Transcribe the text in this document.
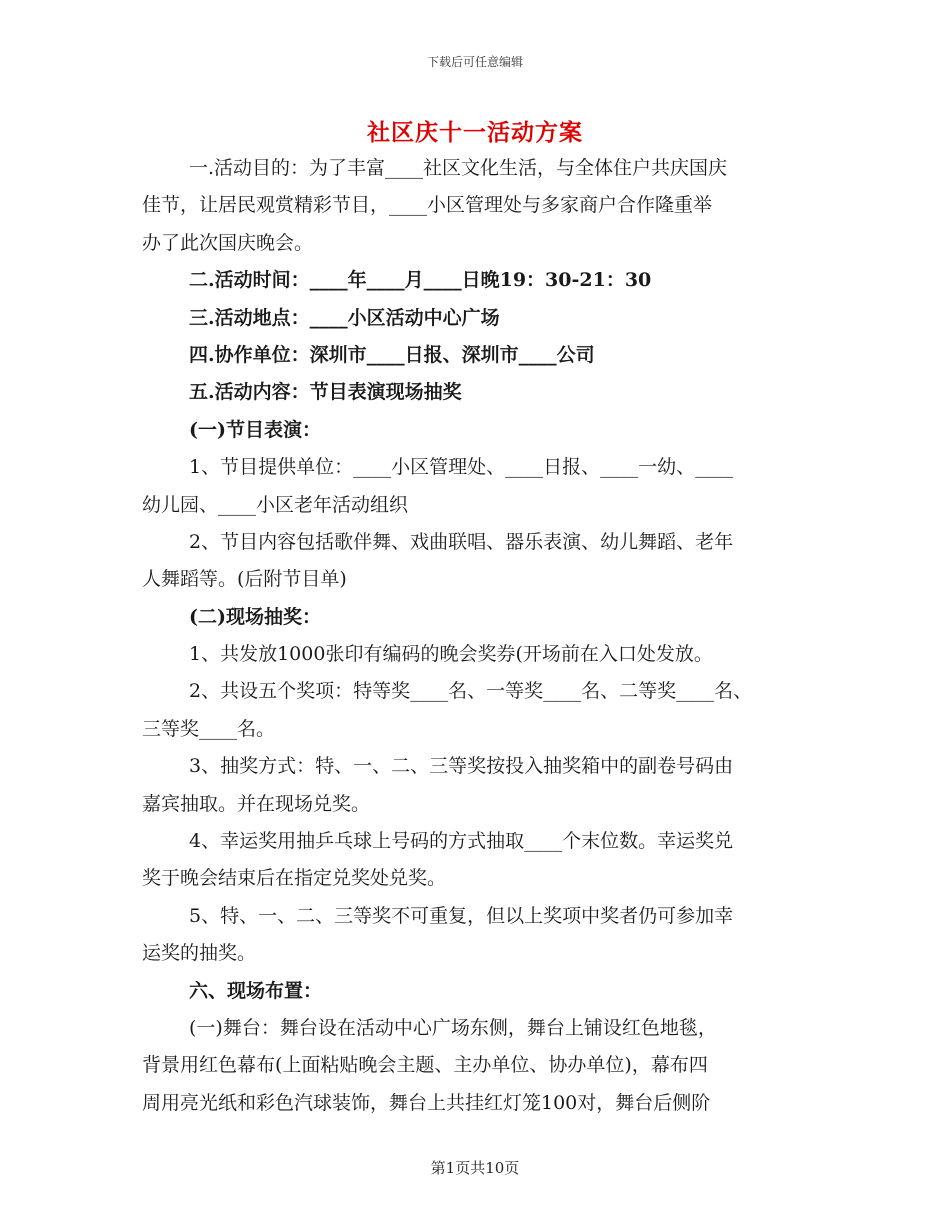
下载后可任意编辑
社区庆十一活动方案
一.活动目的：为了丰富____社区文化生活，与全体住户共庆国庆
佳节，让居民观赏精彩节目，____小区管理处与多家商户合作隆重举
办了此次国庆晚会。
二.活动时间：____年____月____日晚19：30-21：30
三.活动地点：____小区活动中心广场
四.协作单位：深圳市____日报、深圳市____公司
五.活动内容：节目表演现场抽奖
(一)节目表演：
1、节目提供单位：____小区管理处、____日报、____一幼、____
幼儿园、____小区老年活动组织
2、节目内容包括歌伴舞、戏曲联唱、器乐表演、幼儿舞蹈、老年
人舞蹈等。(后附节目单)
(二)现场抽奖：
1、共发放1000张印有编码的晚会奖券(开场前在入口处发放。
2、共设五个奖项：特等奖____名、一等奖____名、二等奖____名、
三等奖____名。
3、抽奖方式：特、一、二、三等奖按投入抽奖箱中的副卷号码由
嘉宾抽取。并在现场兑奖。
4、幸运奖用抽乒乓球上号码的方式抽取____个末位数。幸运奖兑
奖于晚会结束后在指定兑奖处兑奖。
5、特、一、二、三等奖不可重复，但以上奖项中奖者仍可参加幸
运奖的抽奖。
六、现场布置：
(一)舞台：舞台设在活动中心广场东侧，舞台上铺设红色地毯，
背景用红色幕布(上面粘贴晚会主题、主办单位、协办单位)，幕布四
周用亮光纸和彩色汽球装饰，舞台上共挂红灯笼100对，舞台后侧阶
第1页共10页
